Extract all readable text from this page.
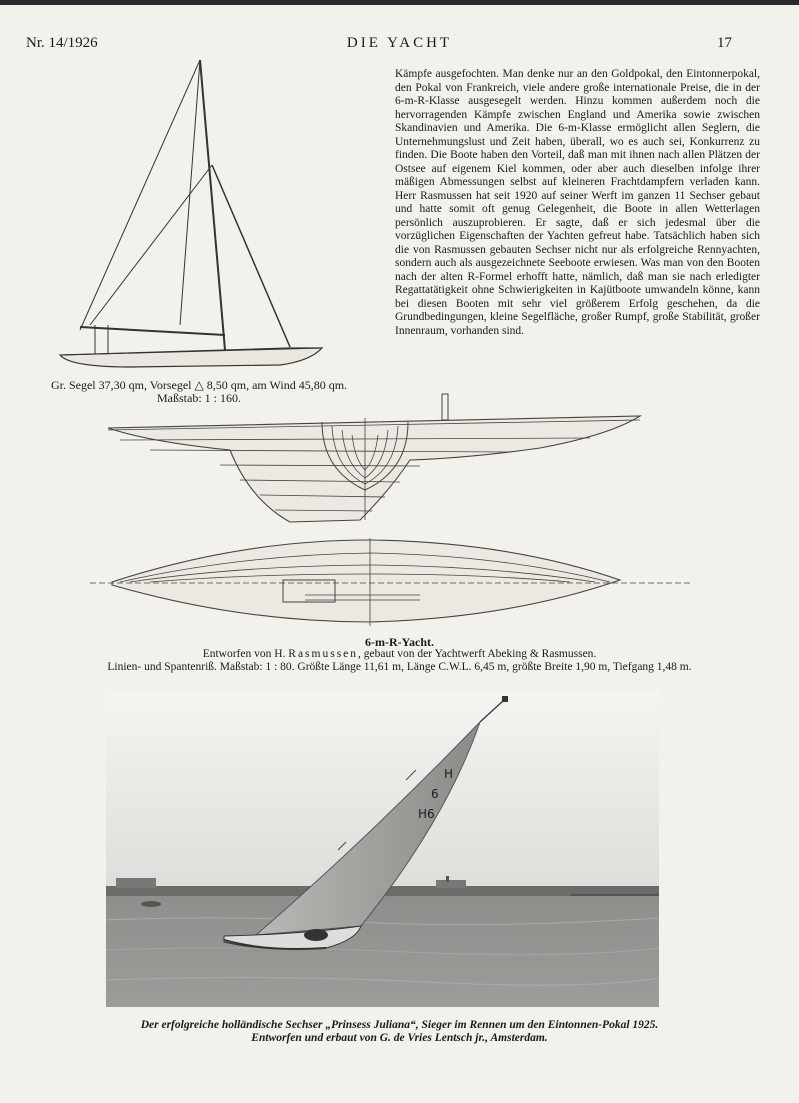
Nr. 14/1926	DIE YACHT	17
Gr. Segel 37,30 qm, Vorsegel △ 8,50 qm, am Wind 45,80 qm.
Maßstab: 1 : 160.

Kämpfe ausgefochten. Man denke nur an den Goldpokal, den Eintonnerpokal, den Pokal von Frankreich, viele andere große internationale Preise, die in der 6-m-R-Klasse ausgesegelt werden. Hinzu kommen außerdem noch die hervorragenden Kämpfe zwischen England und Amerika sowie zwischen Skandinavien und Amerika. Die 6-m-Klasse ermöglicht allen Seglern, die Unternehmungslust und Zeit haben, überall, wo es auch sei, Konkurrenz zu finden. Die Boote haben den Vorteil, daß man mit ihnen nach allen Plätzen der Ostsee auf eigenem Kiel kommen, oder aber auch dieselben infolge ihrer mäßigen Abmessungen selbst auf kleineren Frachtdampfern verladen kann. Herr Rasmussen hat seit 1920 auf seiner Werft im ganzen 11 Sechser gebaut und hatte somit oft genug Gelegenheit, die Boote in allen Wetterlagen persönlich auszuprobieren. Er sagte, daß er sich jedesmal über die vorzüglichen Eigenschaften der Yachten gefreut habe. Tatsächlich haben sich die von Rasmussen gebauten Sechser nicht nur als erfolgreiche Rennyachten, sondern auch als ausgezeichnete Seeboote erwiesen. Was man von den Booten nach der alten R-Formel erhofft hatte, nämlich, daß man sie nach erledigter Regattatätigkeit ohne Schwierigkeiten in Kajütboote umwandeln könne, kann bei diesen Booten mit sehr viel größerem Erfolg geschehen, da die Grundbedingungen, kleine Segelfläche, großer Rumpf, große Stabilität, großer Innenraum, vorhanden sind.

6-m-R-Yacht.
Entworfen von H. Rasmussen, gebaut von der Yachtwerft Abeking & Rasmussen.
Linien- und Spantenriß. Maßstab: 1 : 80. Größte Länge 11,61 m, Länge C.W.L. 6,45 m, größte Breite 1,90 m, Tiefgang 1,48 m.
H
6
H6
Der erfolgreiche holländische Sechser „Prinsess Juliana“, Sieger im Rennen um den Eintonnen-Pokal 1925.
Entworfen und erbaut von G. de Vries Lentsch jr., Amsterdam.
